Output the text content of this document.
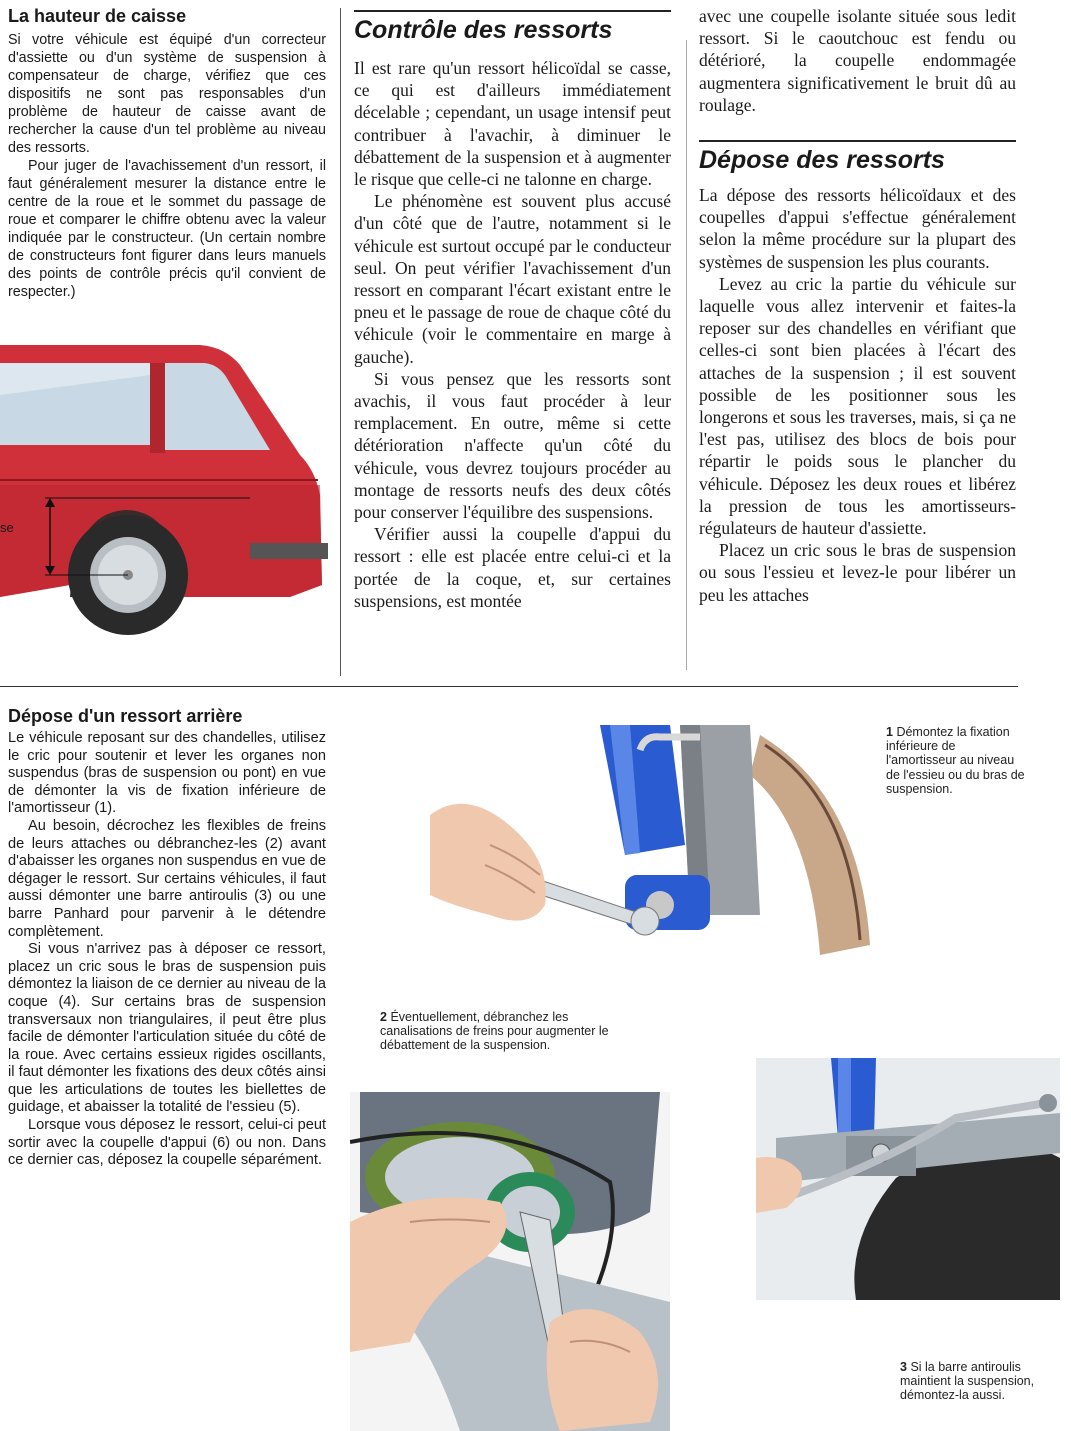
La hauteur de caisse

Si votre véhicule est équipé d'un correcteur d'assiette ou d'un système de suspension à compensateur de charge, vérifiez que ces dispositifs ne sont pas responsables d'un problème de hauteur de caisse avant de rechercher la cause d'un tel problème au niveau des ressorts.

Pour juger de l'avachissement d'un ressort, il faut généralement mesurer la distance entre le centre de la roue et le sommet du passage de roue et comparer le chiffre obtenu avec la valeur indiquée par le constructeur. (Un certain nombre de constructeurs font figurer dans leurs manuels des points de contrôle précis qu'il convient de respecter.)

se
Contrôle des ressorts

Il est rare qu'un ressort hélicoïdal se casse, ce qui est d'ailleurs immédiatement décelable ; cependant, un usage intensif peut contribuer à l'avachir, à diminuer le débattement de la suspension et à augmenter le risque que celle-ci ne talonne en charge.

Le phénomène est souvent plus accusé d'un côté que de l'autre, notamment si le véhicule est surtout occupé par le conducteur seul. On peut vérifier l'avachissement d'un ressort en comparant l'écart existant entre le pneu et le passage de roue de chaque côté du véhicule (voir le commentaire en marge à gauche).

Si vous pensez que les ressorts sont avachis, il vous faut procéder à leur remplacement. En outre, même si cette détérioration n'affecte qu'un côté du véhicule, vous devrez toujours procéder au montage de ressorts neufs des deux côtés pour conserver l'équilibre des suspensions.

Vérifier aussi la coupelle d'appui du ressort : elle est placée entre celui-ci et la portée de la coque, et, sur certaines suspensions, est montée

avec une coupelle isolante située sous ledit ressort. Si le caoutchouc est fendu ou détérioré, la coupelle endommagée augmentera significativement le bruit dû au roulage.
Dépose des ressorts

La dépose des ressorts hélicoïdaux et des coupelles d'appui s'effectue généralement selon la même procédure sur la plupart des systèmes de suspension les plus courants.

Levez au cric la partie du véhicule sur laquelle vous allez intervenir et faites-la reposer sur des chandelles en vérifiant que celles-ci sont bien placées à l'écart des attaches de la suspension ; il est souvent possible de les positionner sous les longerons et sous les traverses, mais, si ça ne l'est pas, utilisez des blocs de bois pour répartir le poids sous le plancher du véhicule. Déposez les deux roues et libérez la pression de tous les amortisseurs-régulateurs de hauteur d'assiette.

Placez un cric sous le bras de suspension ou sous l'essieu et levez-le pour libérer un peu les attaches

Dépose d'un ressort arrière

Le véhicule reposant sur des chandelles, utilisez le cric pour soutenir et lever les organes non suspendus (bras de suspension ou pont) en vue de démonter la vis de fixation inférieure de l'amortisseur (1).

Au besoin, décrochez les flexibles de freins de leurs attaches ou débranchez-les (2) avant d'abaisser les organes non suspendus en vue de dégager le ressort. Sur certains véhicules, il faut aussi démonter une barre antiroulis (3) ou une barre Panhard pour parvenir à le détendre complètement.

Si vous n'arrivez pas à déposer ce ressort, placez un cric sous le bras de suspension puis démontez la liaison de ce dernier au niveau de la coque (4). Sur certains bras de suspension transversaux non triangulaires, il peut être plus facile de démonter l'articulation située du côté de la roue. Avec certains essieux rigides oscillants, il faut démonter les fixations des deux côtés ainsi que les articulations de toutes les biellettes de guidage, et abaisser la totalité de l'essieu (5).

Lorsque vous déposez le ressort, celui-ci peut sortir avec la coupelle d'appui (6) ou non. Dans ce dernier cas, déposez la coupelle séparément.

1 Démontez la fixation inférieure de l'amortisseur au niveau de l'essieu ou du bras de suspension.
2 Éventuellement, débranchez les canalisations de freins pour augmenter le débattement de la suspension.
3 Si la barre antiroulis maintient la suspension, démontez-la aussi.
